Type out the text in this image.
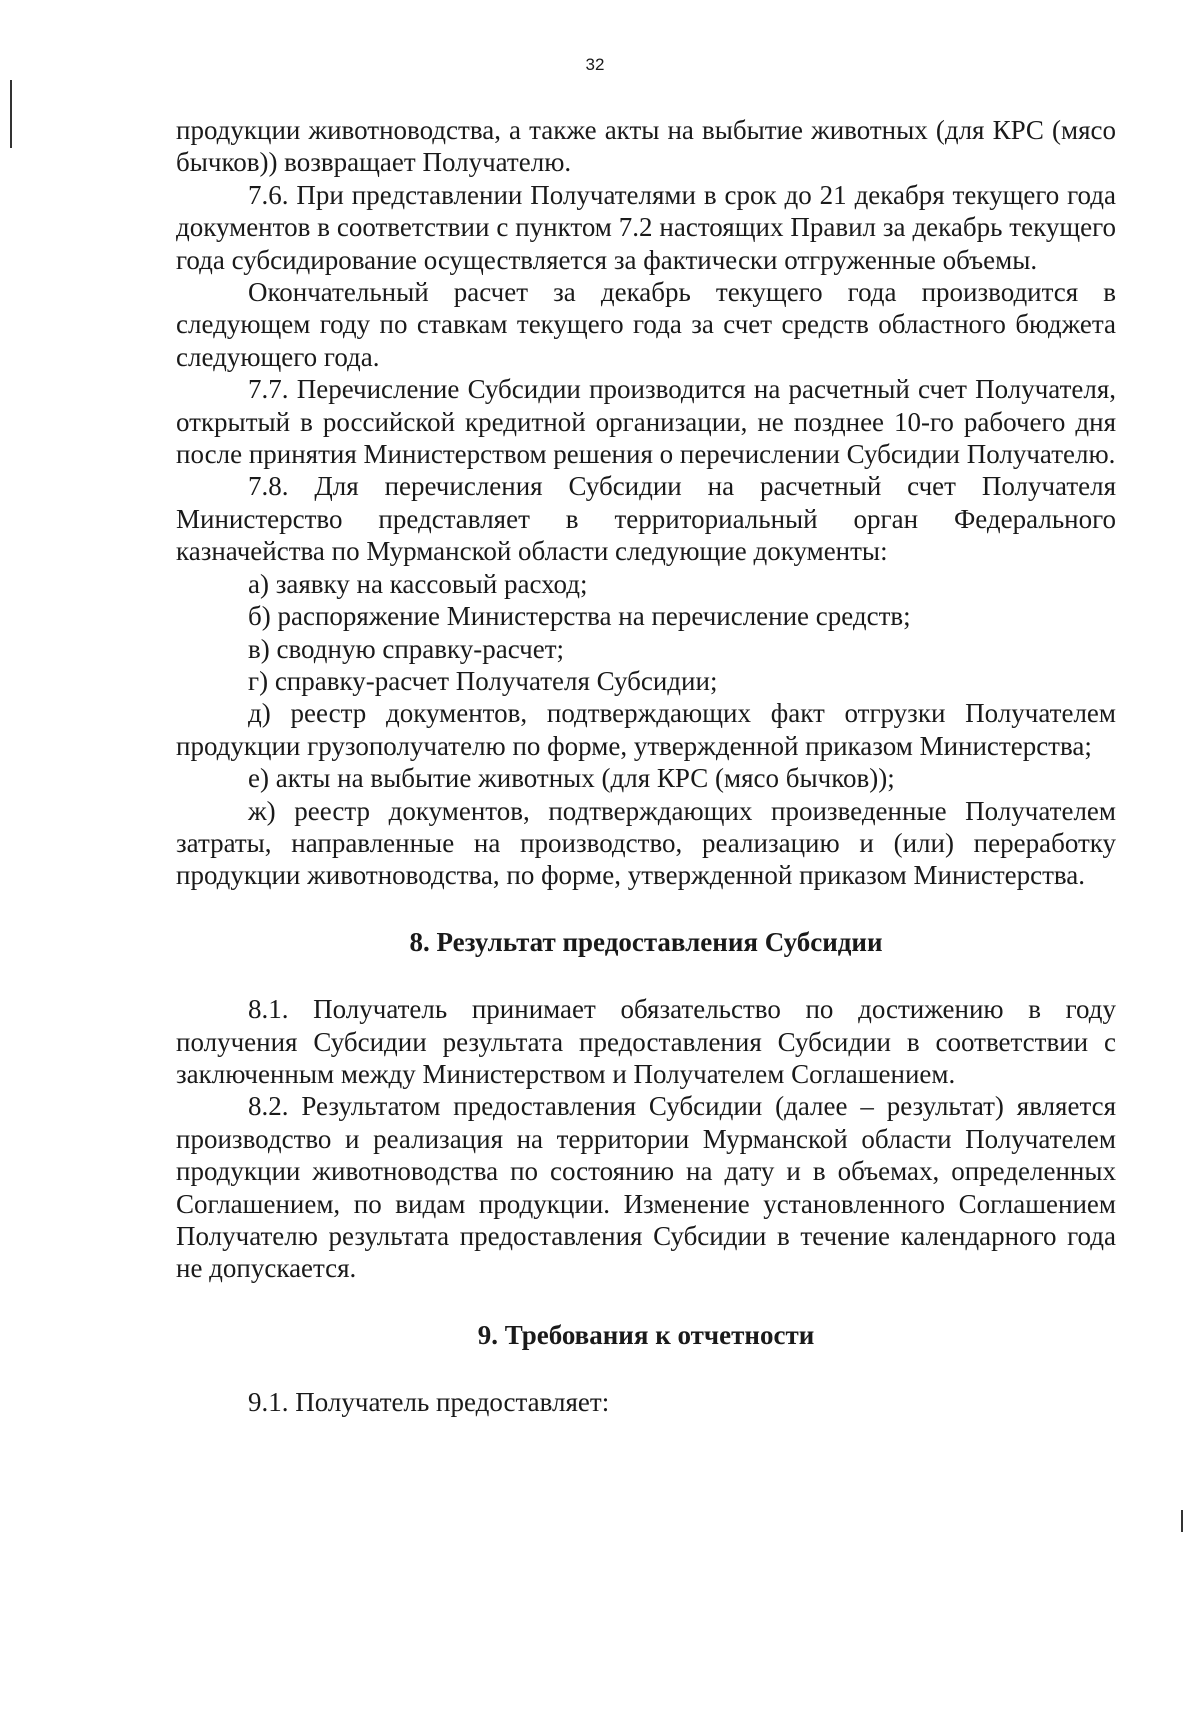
32

продукции животноводства, а также акты на выбытие животных (для КРС (мясо бычков)) возвращает Получателю.

7.6. При представлении Получателями в срок до 21 декабря текущего года документов в соответствии с пунктом 7.2 настоящих Правил за декабрь текущего года субсидирование осуществляется за фактически отгруженные объемы.

Окончательный расчет за декабрь текущего года производится в следующем году по ставкам текущего года за счет средств областного бюджета следующего года.

7.7. Перечисление Субсидии производится на расчетный счет Получателя, открытый в российской кредитной организации, не позднее 10-го рабочего дня после принятия Министерством решения о перечислении Субсидии Получателю.

7.8. Для перечисления Субсидии на расчетный счет Получателя Министерство представляет в территориальный орган Федерального казначейства по Мурманской области следующие документы:

а) заявку на кассовый расход;

б) распоряжение Министерства на перечисление средств;

в) сводную справку-расчет;

г) справку-расчет Получателя Субсидии;

д) реестр документов, подтверждающих факт отгрузки Получателем продукции грузополучателю по форме, утвержденной приказом Министерства;

е) акты на выбытие животных (для КРС (мясо бычков));

ж) реестр документов, подтверждающих произведенные Получателем затраты, направленные на производство, реализацию и (или) переработку продукции животноводства, по форме, утвержденной приказом Министерства.

8. Результат предоставления Субсидии

8.1. Получатель принимает обязательство по достижению в году получения Субсидии результата предоставления Субсидии в соответствии с заключенным между Министерством и Получателем Соглашением.

8.2. Результатом предоставления Субсидии (далее – результат) является производство и реализация на территории Мурманской области Получателем продукции животноводства по состоянию на дату и в объемах, определенных Соглашением, по видам продукции. Изменение установленного Соглашением Получателю результата предоставления Субсидии в течение календарного года не допускается.

9. Требования к отчетности

9.1. Получатель предоставляет:
